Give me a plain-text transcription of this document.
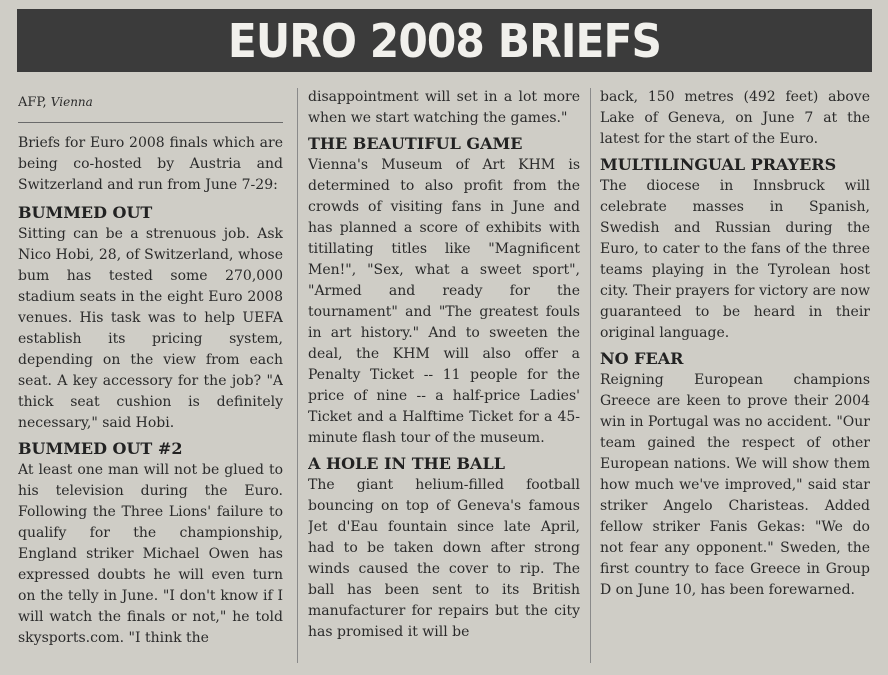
EURO 2008 BRIEFS
AFP, Vienna

Briefs for Euro 2008 finals which are being co-hosted by Austria and Switzerland and run from June 7-29:

BUMMED OUT

Sitting can be a strenuous job. Ask Nico Hobi, 28, of Switzerland, whose bum has tested some 270,000 stadium seats in the eight Euro 2008 venues. His task was to help UEFA establish its pricing system, depending on the view from each seat. A key accessory for the job? "A thick seat cushion is definitely necessary," said Hobi.

BUMMED OUT #2

At least one man will not be glued to his television during the Euro. Following the Three Lions' failure to qualify for the championship, England striker Michael Owen has expressed doubts he will even turn on the telly in June. "I don't know if I will watch the finals or not," he told skysports.com. "I think the

disappointment will set in a lot more when we start watching the games."

THE BEAUTIFUL GAME

Vienna's Museum of Art KHM is determined to also profit from the crowds of visiting fans in June and has planned a score of exhibits with titillating titles like "Magnificent Men!", "Sex, what a sweet sport", "Armed and ready for the tournament" and "The greatest fouls in art history." And to sweeten the deal, the KHM will also offer a Penalty Ticket -- 11 people for the price of nine -- a half-price Ladies' Ticket and a Halftime Ticket for a 45-minute flash tour of the museum.

A HOLE IN THE BALL

The giant helium-filled football bouncing on top of Geneva's famous Jet d'Eau fountain since late April, had to be taken down after strong winds caused the cover to rip. The ball has been sent to its British manufacturer for repairs but the city has promised it will be

back, 150 metres (492 feet) above Lake of Geneva, on June 7 at the latest for the start of the Euro.

MULTILINGUAL PRAYERS

The diocese in Innsbruck will celebrate masses in Spanish, Swedish and Russian during the Euro, to cater to the fans of the three teams playing in the Tyrolean host city. Their prayers for victory are now guaranteed to be heard in their original language.

NO FEAR

Reigning European champions Greece are keen to prove their 2004 win in Portugal was no accident. "Our team gained the respect of other European nations. We will show them how much we've improved," said star striker Angelo Charisteas. Added fellow striker Fanis Gekas: "We do not fear any opponent." Sweden, the first country to face Greece in Group D on June 10, has been forewarned.
